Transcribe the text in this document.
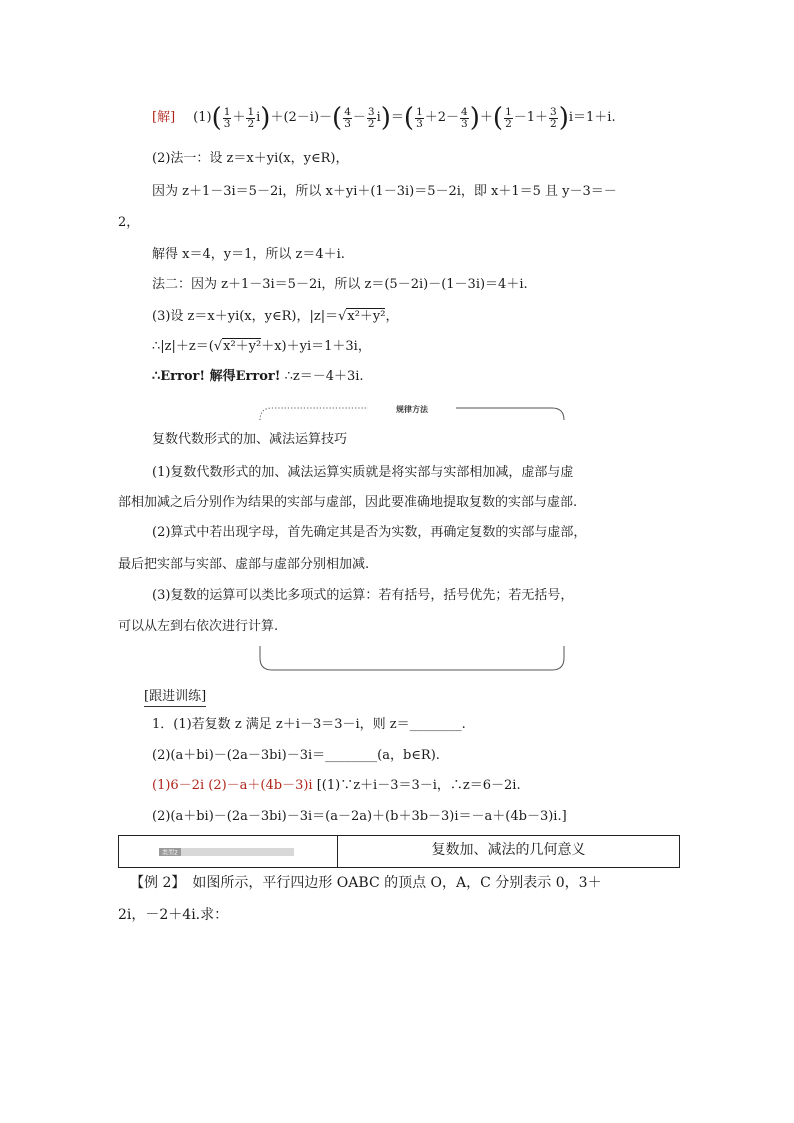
[解] (1) ( $\frac{1}{3} + \frac{1}{2}$ i ) ＋(2－i)－ ( $\frac{4}{3} - \frac{3}{2}$ i ) ＝ ( $\frac{1}{3} +2- \frac{4}{3}$ ) ＋ ( $\frac{1}{2} -1+ \frac{3}{2}$ ) i＝1＋i.
(2)法一：设 z＝x＋yi(x，y∈R)，
因为 z＋1－3i＝5－2i，所以 x＋yi＋(1－3i)＝5－2i，即 x＋1＝5 且 y－3＝－
2，
解得 x＝4，y＝1，所以 z＝4＋i.
法二：因为 z＋1－3i＝5－2i，所以 z＝(5－2i)－(1－3i)＝4＋i.
(3)设 z＝x＋yi(x，y∈R)，|z|＝√x²＋y²，
∴|z|＋z＝(√x²＋y²＋x)＋yi＝1＋3i，
∴Error! 解得Error! ∴z＝－4＋3i.
规律方法
复数代数形式的加、减法运算技巧
(1)复数代数形式的加、减法运算实质就是将实部与实部相加减，虚部与虚
部相加减之后分别作为结果的实部与虚部，因此要准确地提取复数的实部与虚部.
(2)算式中若出现字母，首先确定其是否为实数，再确定复数的实部与虚部，
最后把实部与实部、虚部与虚部分别相加减.
(3)复数的运算可以类比多项式的运算：若有括号，括号优先；若无括号，
可以从左到右依次进行计算.
[跟进训练]
1．(1)若复数 z 满足 z＋i－3＝3－i，则 z＝________.
(2)(a＋bi)－(2a－3bi)－3i＝________(a，b∈R).
(1)6－2i (2)－a＋(4b－3)i [(1)∵z＋i－3＝3－i，∴z＝6－2i.
(2)(a＋bi)－(2a－3bi)－3i＝(a－2a)＋(b＋3b－3)i＝－a＋(4b－3)i.]
类型2	复数加、减法的几何意义
【例 2】　如图所示，平行四边形 OABC 的顶点 O，A，C 分别表示 0，3＋
2i，－2＋4i.求：
